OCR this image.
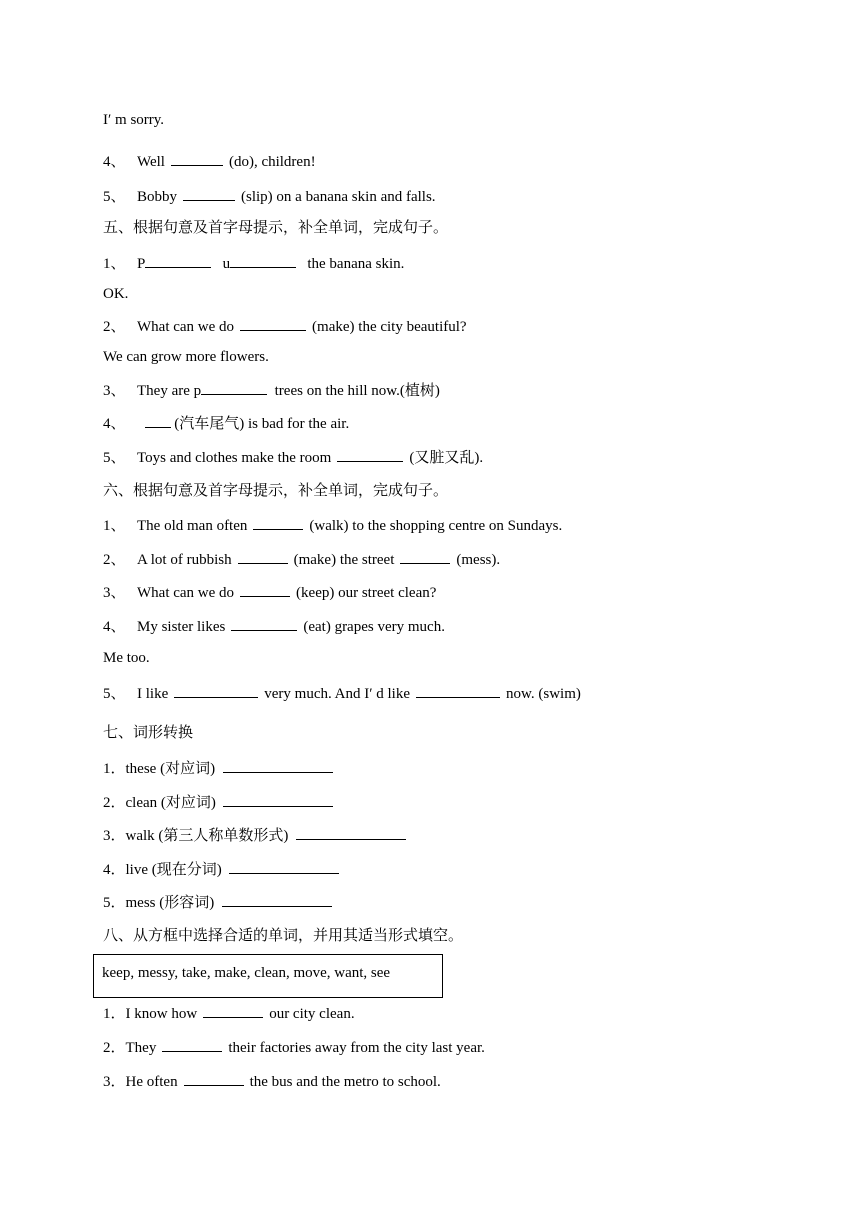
I′ m sorry.
4、 Well	(do), children!
5、 Bobby	(slip) on a banana skin and falls.
五、根据句意及首字母提示，补全单词，完成句子。
1、 P	u	the banana skin.
OK.
2、 What can we do	(make) the city beautiful?
We can grow more flowers.
3、 They are p	trees on the hill now.(植树)
4、	(汽车尾气) is bad for the air.
5、 Toys and clothes make the room	(又脏又乱).
六、根据句意及首字母提示，补全单词，完成句子。
1、 The old man often	(walk) to the shopping centre on Sundays.
2、 A lot of rubbish	(make) the street	(mess).
3、 What can we do	(keep) our street clean?
4、 My sister likes	(eat) grapes very much.
Me too.
5、 I like	very much. And I′ d like	now. (swim)
七、词形转换
1．these (对应词)
2．clean (对应词)
3．walk (第三人称单数形式)
4．live (现在分词)
5．mess (形容词)
八、从方框中选择合适的单词，并用其适当形式填空。
keep, messy, take, make, clean, move, want, see
1．I know how	our city clean.
2．They	their factories away from the city last year.
3．He often	the bus and the metro to school.
